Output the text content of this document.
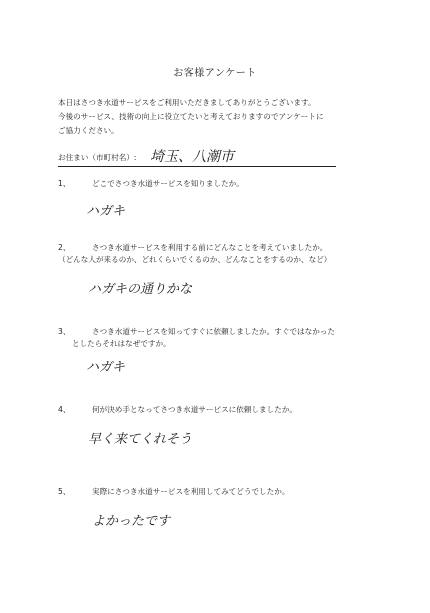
お客様アンケート
本日はさつき水道サービスをご利用いただきましてありがとうございます。
今後のサービス、技術の向上に役立てたいと考えておりますのでアンケートに
ご協力ください。
お住まい（市町村名）: 埼玉、八潮市
1、	どこでさつき水道サービスを知りましたか。
ハガキ
2、	さつき水道サービスを利用する前にどんなことを考えていましたか。
（どんな人が来るのか、どれくらいでくるのか、どんなことをするのか、など）
ハガキの通りかな
3、	さつき水道サービスを知ってすぐに依頼しましたか。すぐではなかった
としたらそれはなぜですか。
ハガキ
4、	何が決め手となってさつき水道サービスに依頼しましたか。
早く来てくれそう
5、	実際にさつき水道サービスを利用してみてどうでしたか。
よかったです
